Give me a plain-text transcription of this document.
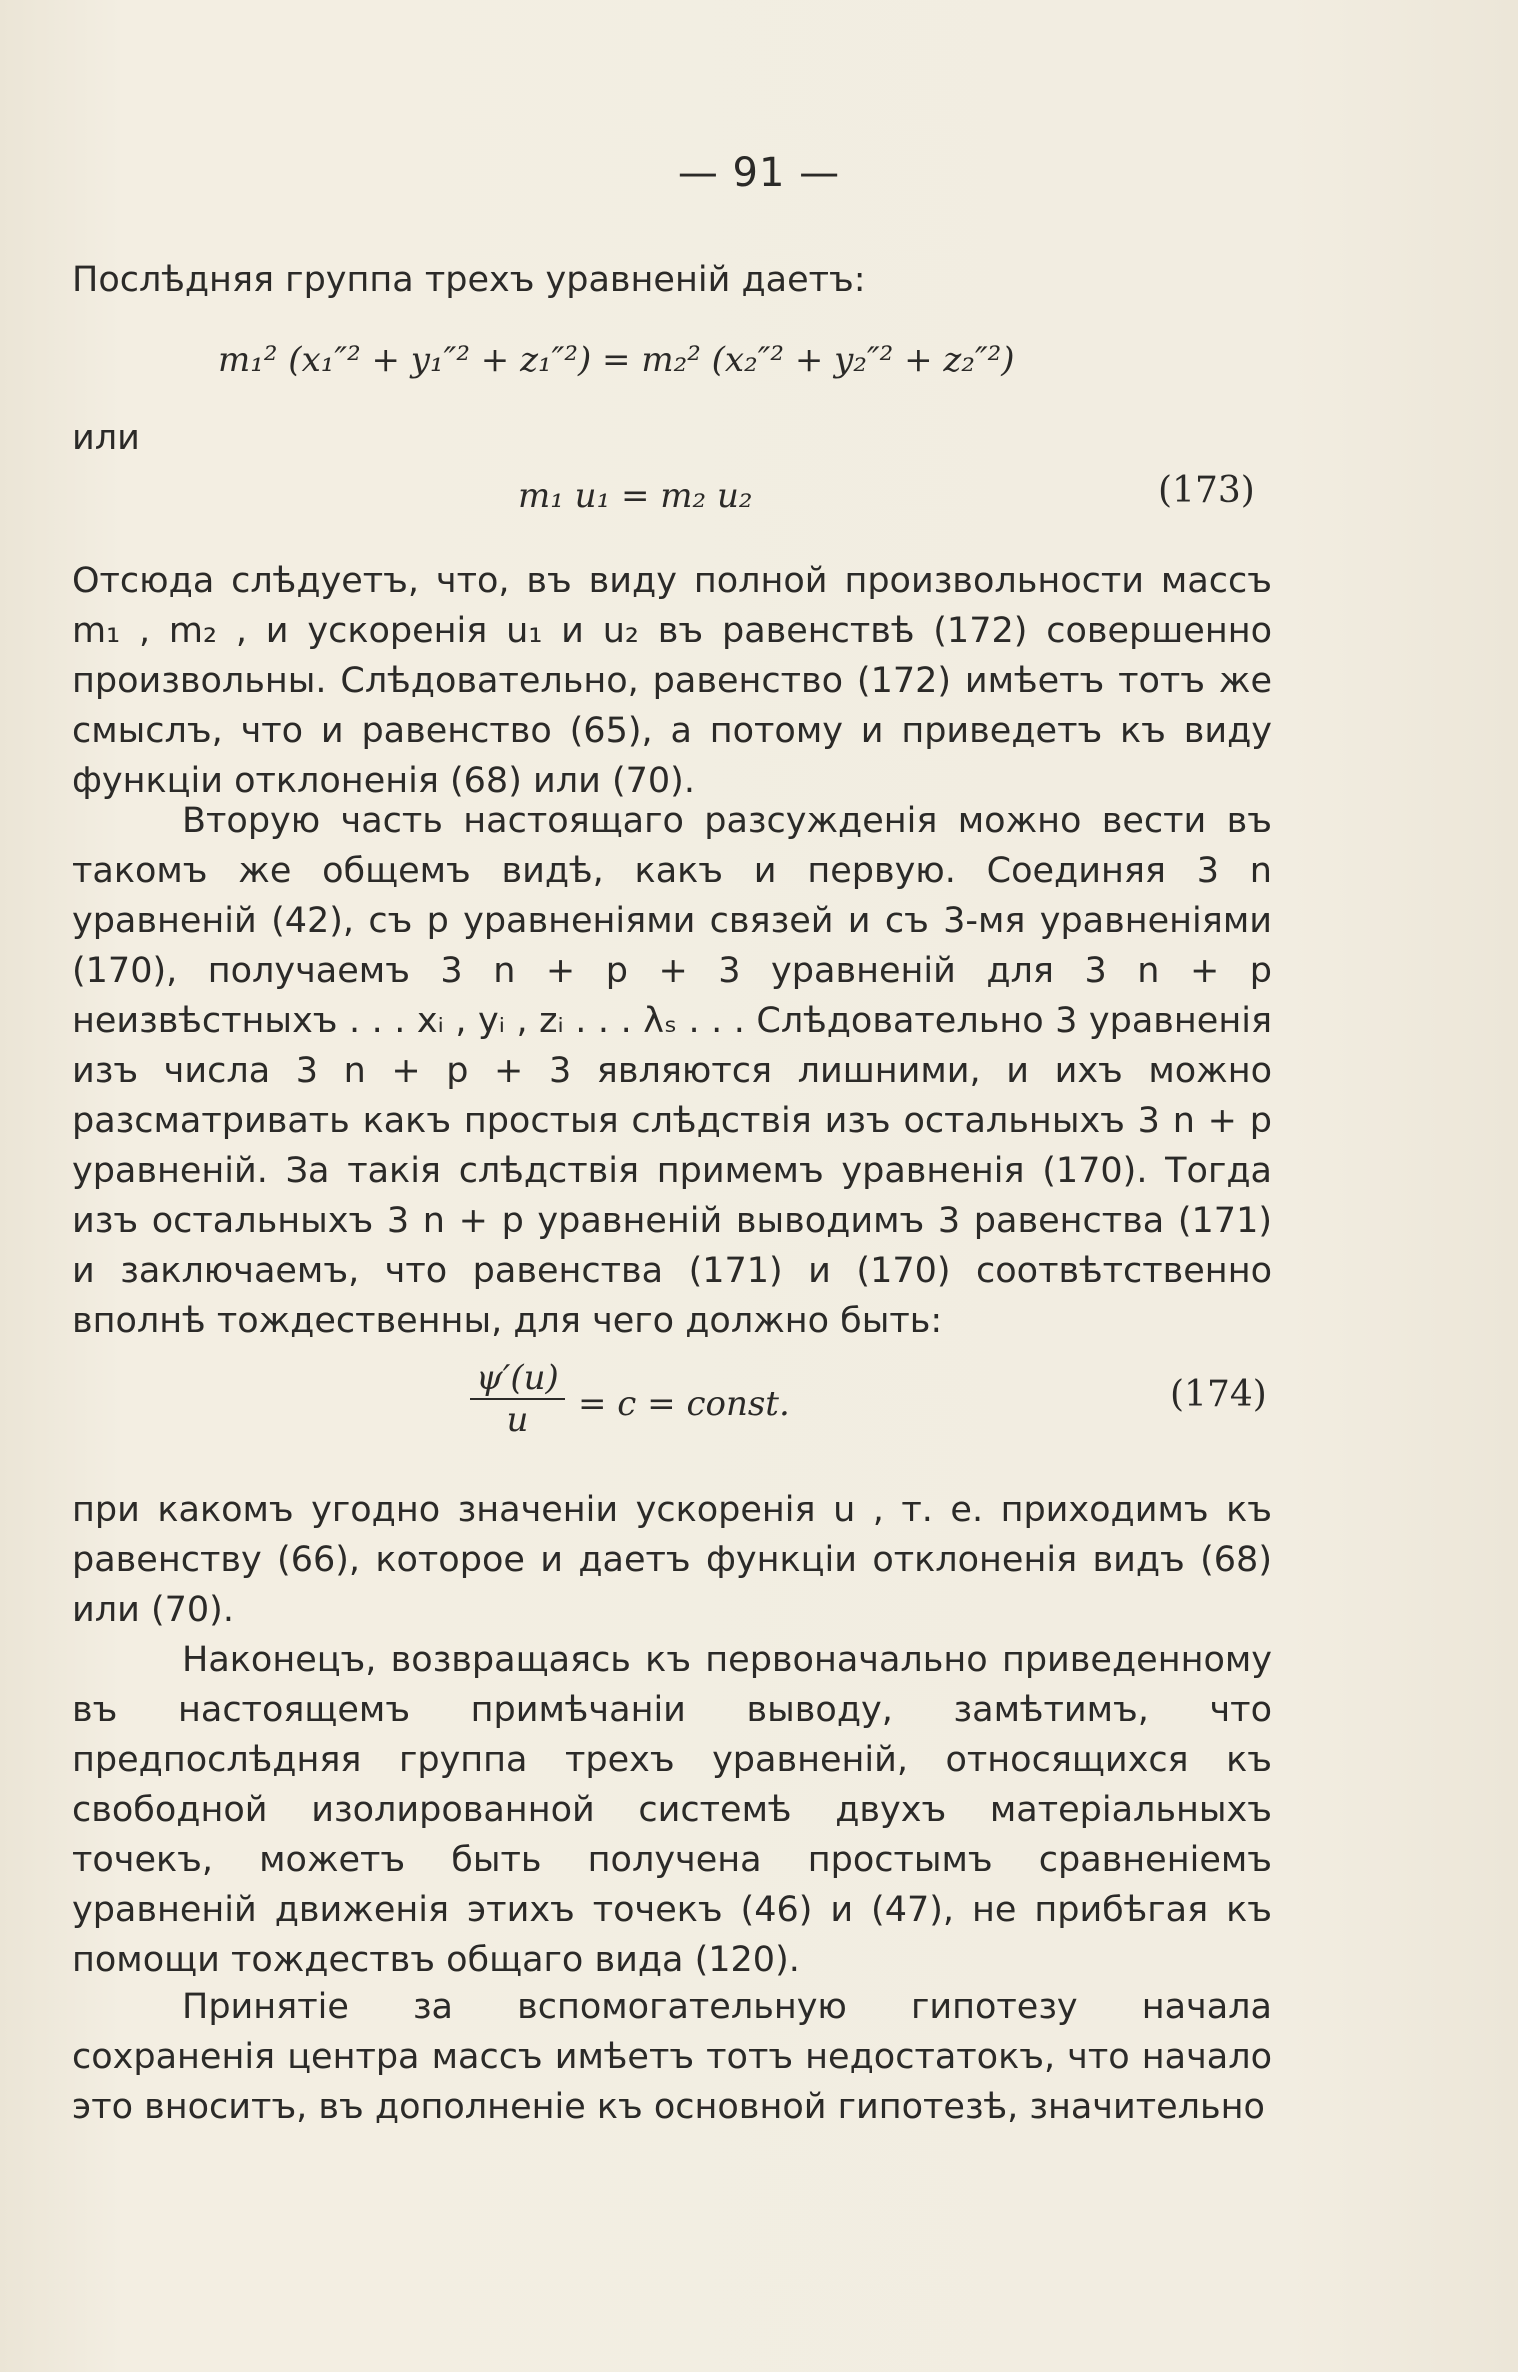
— 91 —
Послѣдняя группа трехъ уравненій даетъ:
m₁² (x₁″² + y₁″² + z₁″²) = m₂² (x₂″² + y₂″² + z₂″²)
или
m₁ u₁ = m₂ u₂	(173)

Отсюда слѣдуетъ, что, въ виду полной произвольности массъ m₁ , m₂ , и ускоренія u₁ и u₂ въ равенствѣ (172) совершенно произвольны. Слѣдовательно, равенство (172) имѣетъ тотъ же смыслъ, что и равенство (65), а потому и приведетъ къ виду функціи отклоненія (68) или (70).

Вторую часть настоящаго разсужденія можно вести въ такомъ же общемъ видѣ, какъ и первую. Соединяя 3 n уравненій (42), съ p уравненіями связей и съ 3-мя уравненіями (170), получаемъ 3 n + p + 3 уравненій для 3 n + p неизвѣстныхъ . . . xᵢ , yᵢ , zᵢ . . . λₛ . . . Слѣдовательно 3 уравненія изъ числа 3 n + p + 3 являются лишними, и ихъ можно разсматривать какъ простыя слѣдствія изъ остальныхъ 3 n + p уравненій. За такія слѣдствія примемъ уравненія (170). Тогда изъ остальныхъ 3 n + p уравненій выводимъ 3 равенства (171) и заключаемъ, что равенства (171) и (170) соотвѣтственно вполнѣ тождественны, для чего должно быть:

$\frac{\psi'(u)}{u} = c$ = const.	(174)

при какомъ угодно значеніи ускоренія u , т. е. приходимъ къ равенству (66), которое и даетъ функціи отклоненія видъ (68) или (70).

Наконецъ, возвращаясь къ первоначально приведенному въ настоящемъ примѣчаніи выводу, замѣтимъ, что предпослѣдняя группа трехъ уравненій, относящихся къ свободной изолированной системѣ двухъ матеріальныхъ точекъ, можетъ быть получена простымъ сравненіемъ уравненій движенія этихъ точекъ (46) и (47), не прибѣгая къ помощи тождествъ общаго вида (120).

Принятіе за вспомогательную гипотезу начала сохраненія центра массъ имѣетъ тотъ недостатокъ, что начало это вноситъ, въ дополненіе къ основной гипотезѣ, значительно
